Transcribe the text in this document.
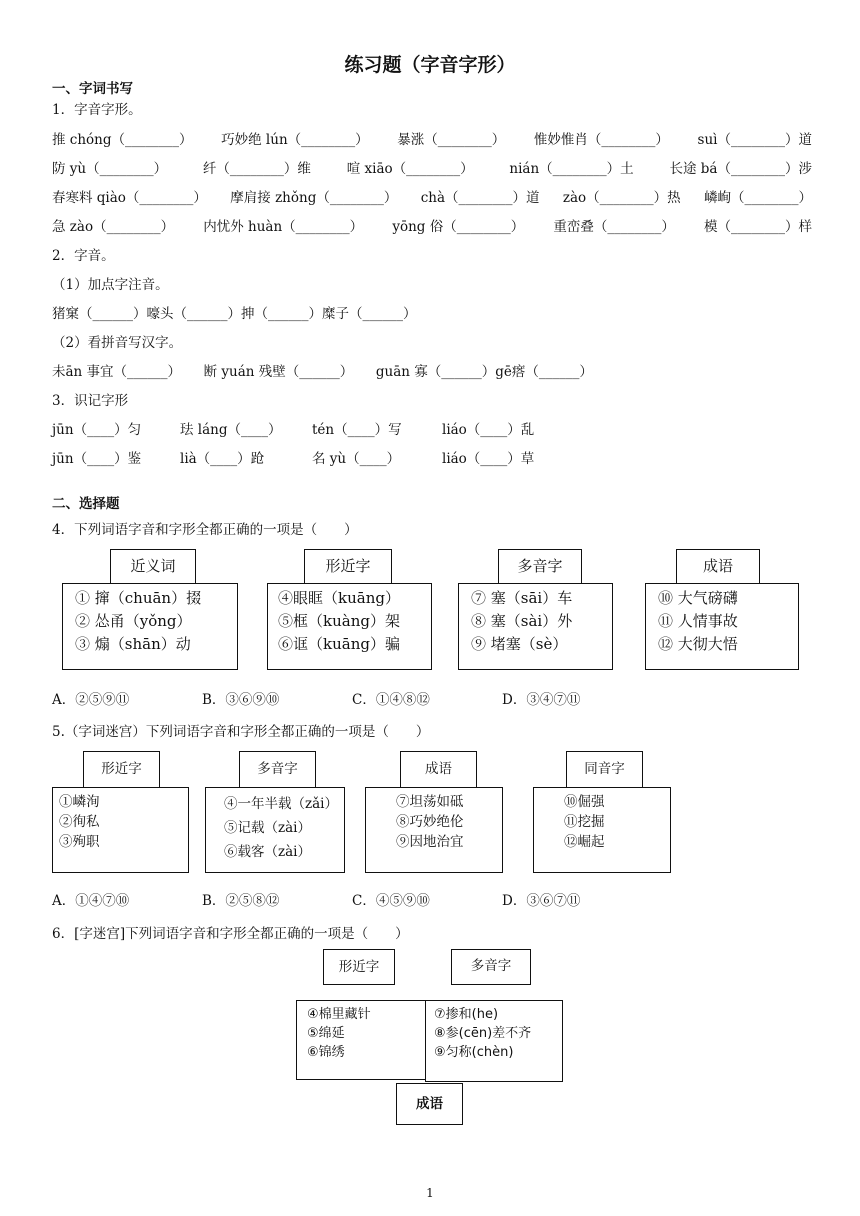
练习题（字音字形）
一、字词书写
1．字音字形。
推 chóng（________） 巧妙绝 lún（________） 暴涨（________） 惟妙惟肖（________） suì（________）道
防 yù（________）	纤（________）维	喧 xiāo（________）	nián（________）土	长途 bá（________）涉
春寒料 qiào（________） 摩肩接 zhǒng（________） chà（________）道 zào（________）热 嶙峋（________）
急 zào（________） 内忧外 huàn（________） yōng 俗（________） 重峦叠（________） 模（________）样
2．字音。
（1）加点字注音。
猪窠（______）嚎头（______）抻（______）糜子（______）
（2）看拼音写汉字。
未ān 事宜（______） 断 yuán 残壁（______） guān 寡（______）gē瘩（______）
3．识记字形
jūn（____）匀	珐 láng（____） tén（____）写	liáo（____）乱
jūn（____）鉴	lià（____）跄	名 yù（____）	liáo（____）草
二、选择题
4．下列词语字音和字形全都正确的一项是（　　）
① 撺（chuān）掇
② 怂甬（yǒng）
③ 煽（shān）动
近义词
④眼眶（kuāng）
⑤框（kuàng）架
⑥诓（kuāng）骗
形近字
⑦ 塞（sāi）车
⑧ 塞（sài）外
⑨ 堵塞（sè）
多音字
⑩ 大气磅礴
⑪ 人情事故
⑫ 大彻大悟
成语
A．②⑤⑨⑪	B．③⑥⑨⑩	C．①④⑧⑫	D．③④⑦⑪
5.（字词迷宫）下列词语字音和字形全都正确的一项是（　　）
①嶙洵
②徇私
③殉职
形近字
④一年半载（zǎi）
⑤记载（zài）
⑥载客（zài）
多音字
⑦坦荡如砥
⑧巧妙绝伦
⑨因地治宜
成语
⑩倔强
⑪挖掘
⑫崛起
同音字
A．①④⑦⑩	B．②⑤⑧⑫	C．④⑤⑨⑩	D．③⑥⑦⑪
6．[字迷宫]下列词语字音和字形全都正确的一项是（　　）
形近字	多音字
④棉里藏针
⑤绵延
⑥锦绣
⑦掺和(he)
⑧参(cēn)差不齐
⑨匀称(chèn)
成语
1
